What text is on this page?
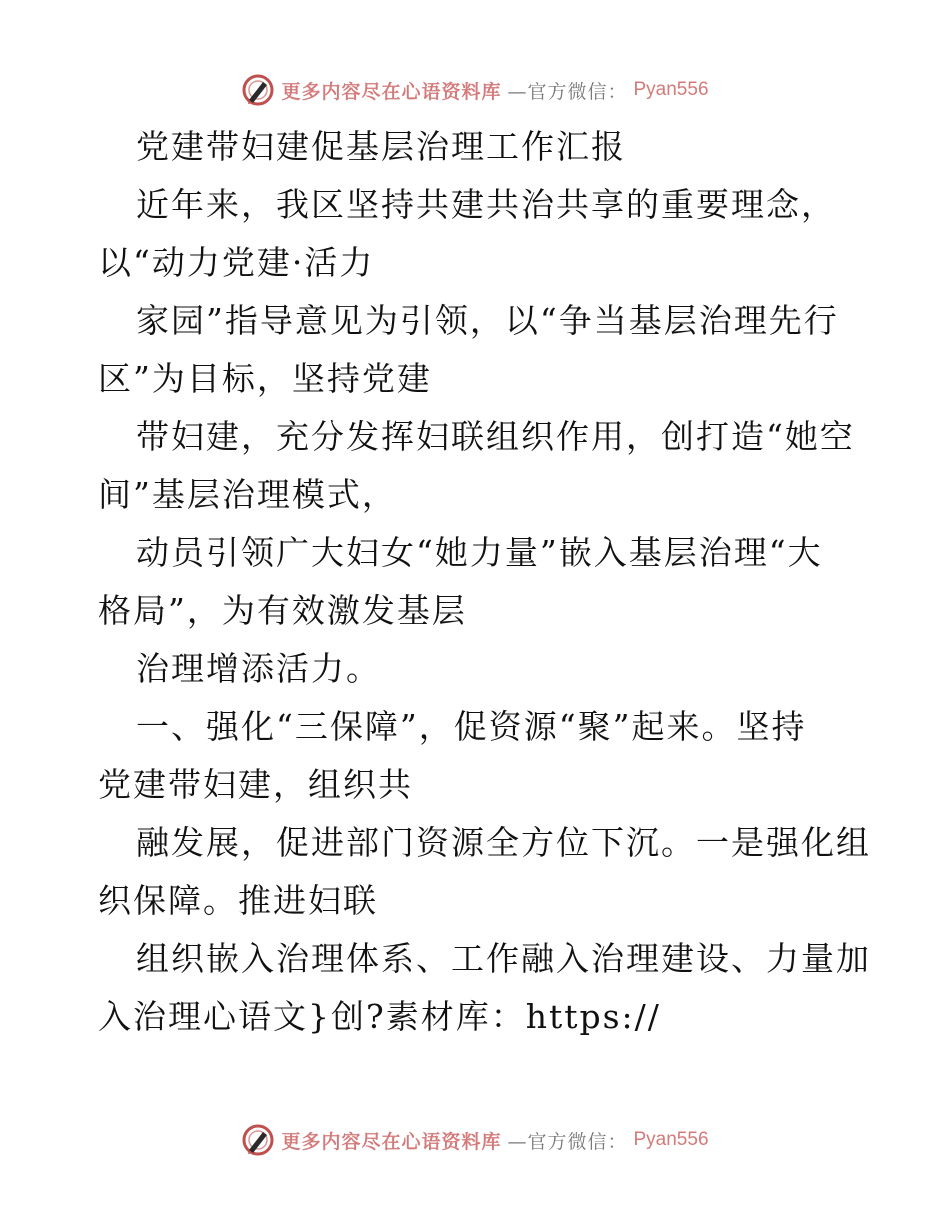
更多内容尽在心语资料库 —官方微信： Pyan556
党建带妇建促基层治理工作汇报
近年来，我区坚持共建共治共享的重要理念，
以“动力党建·活力
家园”指导意见为引领，以“争当基层治理先行
区”为目标，坚持党建
带妇建，充分发挥妇联组织作用，创打造“她空
间”基层治理模式，
动员引领广大妇女“她力量”嵌入基层治理“大
格局”，为有效激发基层
治理增添活力。
一、强化“三保障”，促资源“聚”起来。坚持
党建带妇建，组织共
融发展，促进部门资源全方位下沉。一是强化组
织保障。推进妇联
组织嵌入治理体系、工作融入治理建设、力量加
入治理心语文}创?素材库：https://
更多内容尽在心语资料库 —官方微信： Pyan556
